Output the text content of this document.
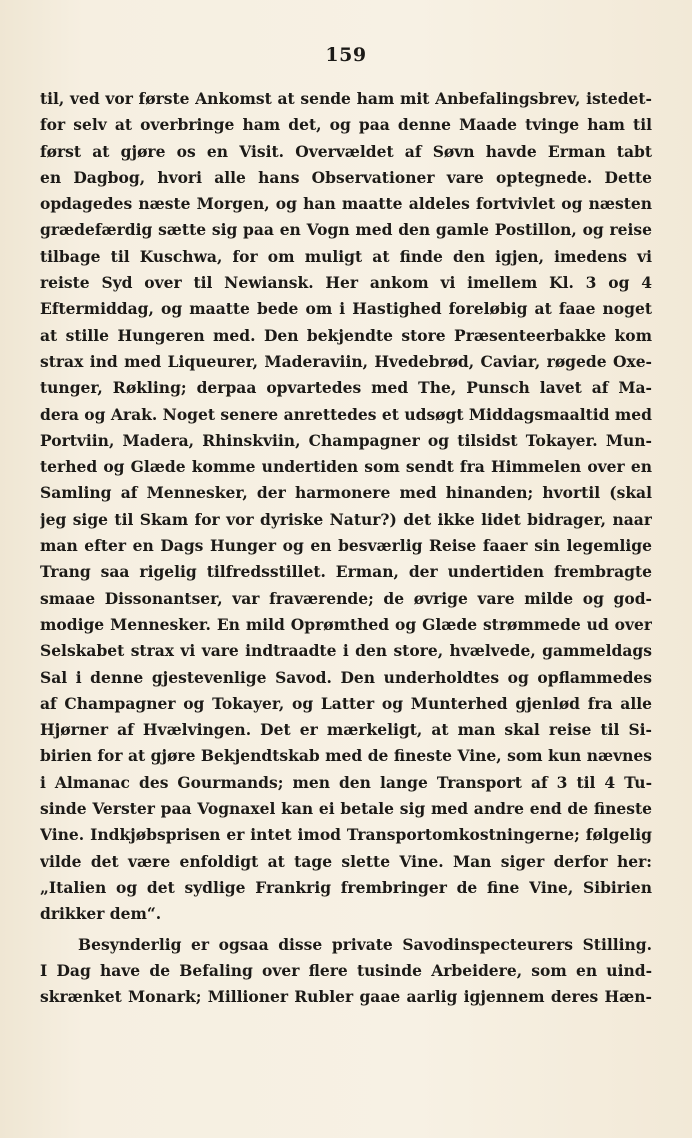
159
til, ved vor første Ankomst at sende ham mit Anbefalingsbrev, istedet-
for selv at overbringe ham det, og paa denne Maade tvinge ham til
først at gjøre os en Visit. Overvældet af Søvn havde Erman tabt
en Dagbog, hvori alle hans Observationer vare optegnede. Dette
opdagedes næste Morgen, og han maatte aldeles fortvivlet og næsten
grædefærdig sætte sig paa en Vogn med den gamle Postillon, og reise
tilbage til Kuschwa, for om muligt at finde den igjen, imedens vi
reiste Syd over til Newiansk. Her ankom vi imellem Kl. 3 og 4
Eftermiddag, og maatte bede om i Hastighed foreløbig at faae noget
at stille Hungeren med. Den bekjendte store Præsenteerbakke kom
strax ind med Liqueurer, Maderaviin, Hvedebrød, Caviar, røgede Oxe-
tunger, Røkling; derpaa opvartedes med The, Punsch lavet af Ma-
dera og Arak. Noget senere anrettedes et udsøgt Middagsmaaltid med
Portviin, Madera, Rhinskviin, Champagner og tilsidst Tokayer. Mun-
terhed og Glæde komme undertiden som sendt fra Himmelen over en
Samling af Mennesker, der harmonere med hinanden; hvortil (skal
jeg sige til Skam for vor dyriske Natur?) det ikke lidet bidrager, naar
man efter en Dags Hunger og en besværlig Reise faaer sin legemlige
Trang saa rigelig tilfredsstillet. Erman, der undertiden frembragte
smaae Dissonantser, var fraværende; de øvrige vare milde og god-
modige Mennesker. En mild Oprømthed og Glæde strømmede ud over
Selskabet strax vi vare indtraadte i den store, hvælvede, gammeldags
Sal i denne gjestevenlige Savod. Den underholdtes og opflammedes
af Champagner og Tokayer, og Latter og Munterhed gjenlød fra alle
Hjørner af Hvælvingen. Det er mærkeligt, at man skal reise til Si-
birien for at gjøre Bekjendtskab med de fineste Vine, som kun nævnes
i Almanac des Gourmands; men den lange Transport af 3 til 4 Tu-
sinde Verster paa Vognaxel kan ei betale sig med andre end de fineste
Vine. Indkjøbsprisen er intet imod Transportomkostningerne; følgelig
vilde det være enfoldigt at tage slette Vine. Man siger derfor her:
„Italien og det sydlige Frankrig frembringer de fine Vine, Sibirien
drikker dem“.
Besynderlig er ogsaa disse private Savodinspecteurers Stilling.
I Dag have de Befaling over flere tusinde Arbeidere, som en uind-
skrænket Monark; Millioner Rubler gaae aarlig igjennem deres Hæn-
